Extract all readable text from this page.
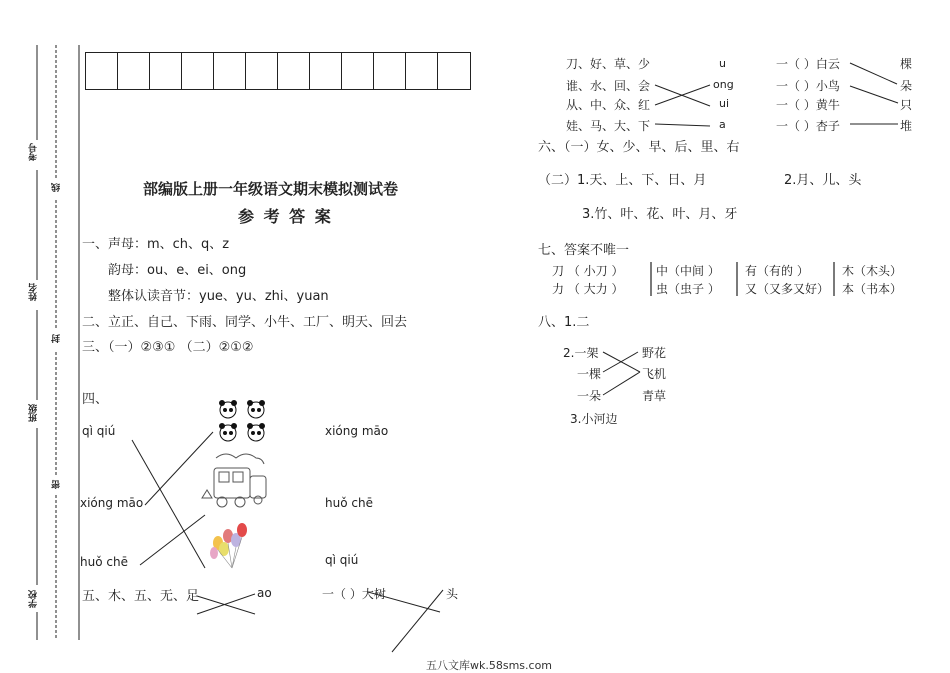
考号
线
姓名
封
班级
密
学校
部编版上册一年级语文期末模拟测试卷
参 考 答 案
一、声母：m、ch、q、z
韵母：ou、e、ei、ong
整体认读音节：yue、yu、zhi、yuan
二、立正、自己、下雨、同学、小牛、工厂、明天、回去
三、（一）②③① （二）②①②
四、
qì qiú
xióng māo
huǒ chē
xióng māo
huǒ chē
qì qiú
五、木、五、无、足	ao	一（ ）大树	头
刀、好、草、少
谁、水、回、会
从、中、众、红
娃、马、大、下
u
ong
ui
a
一（ ）白云
一（ ）小鸟
一（ ）黄牛
一（ ）杏子
棵
朵
只
堆
六、（一）女、少、早、后、里、右
（二）1.天、上、下、日、月	2.月、儿、头
3.竹、叶、花、叶、月、牙
七、答案不唯一
刀 （ 小刀 ）	中（中间 ） 有（有的 ）	木（木头）
力 （ 大力 ）	虫（虫子 ） 又（又多又好） 本（书本）
八、1.二
2.一架
一棵
一朵
野花
飞机
青草
3.小河边
五八文库wk.58sms.com
